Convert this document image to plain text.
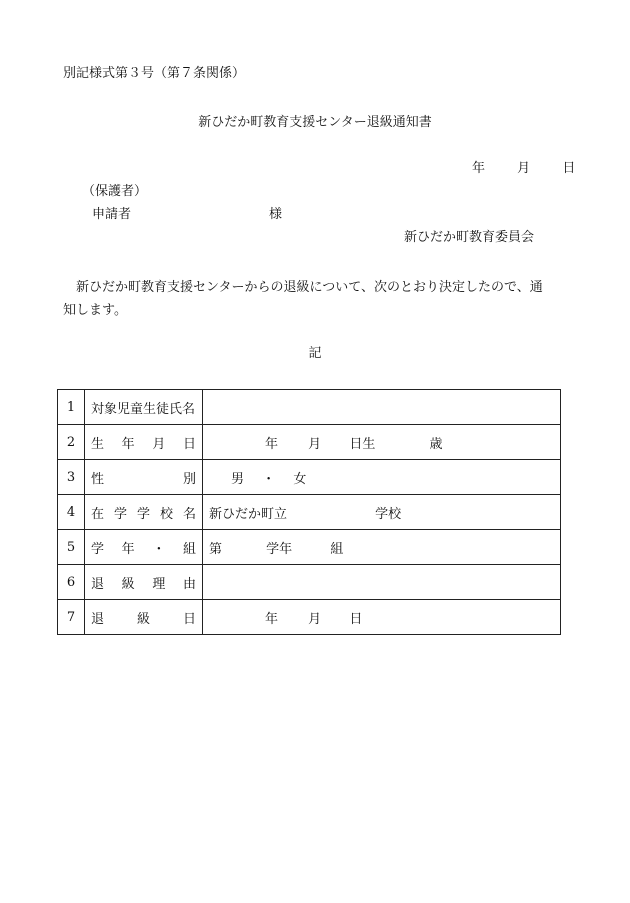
別記様式第３号（第７条関係）
新ひだか町教育支援センター退級通知書
年 月 日
（保護者）
申請者	様
新ひだか町教育委員会

　新ひだか町教育支援センターからの退級について、次のとおり決定したので、通

知します。

記
1	対象児童生徒氏名	
2	生　年　月　日	年 月 日生 歳
3	性　　　　　別	男 ・ 女
4	在 学 学 校 名	新ひだか町立 学校
5	学　年　・　組	第 学年 組
6	退　級　理　由	
7	退　　級　　日	年 月 日
